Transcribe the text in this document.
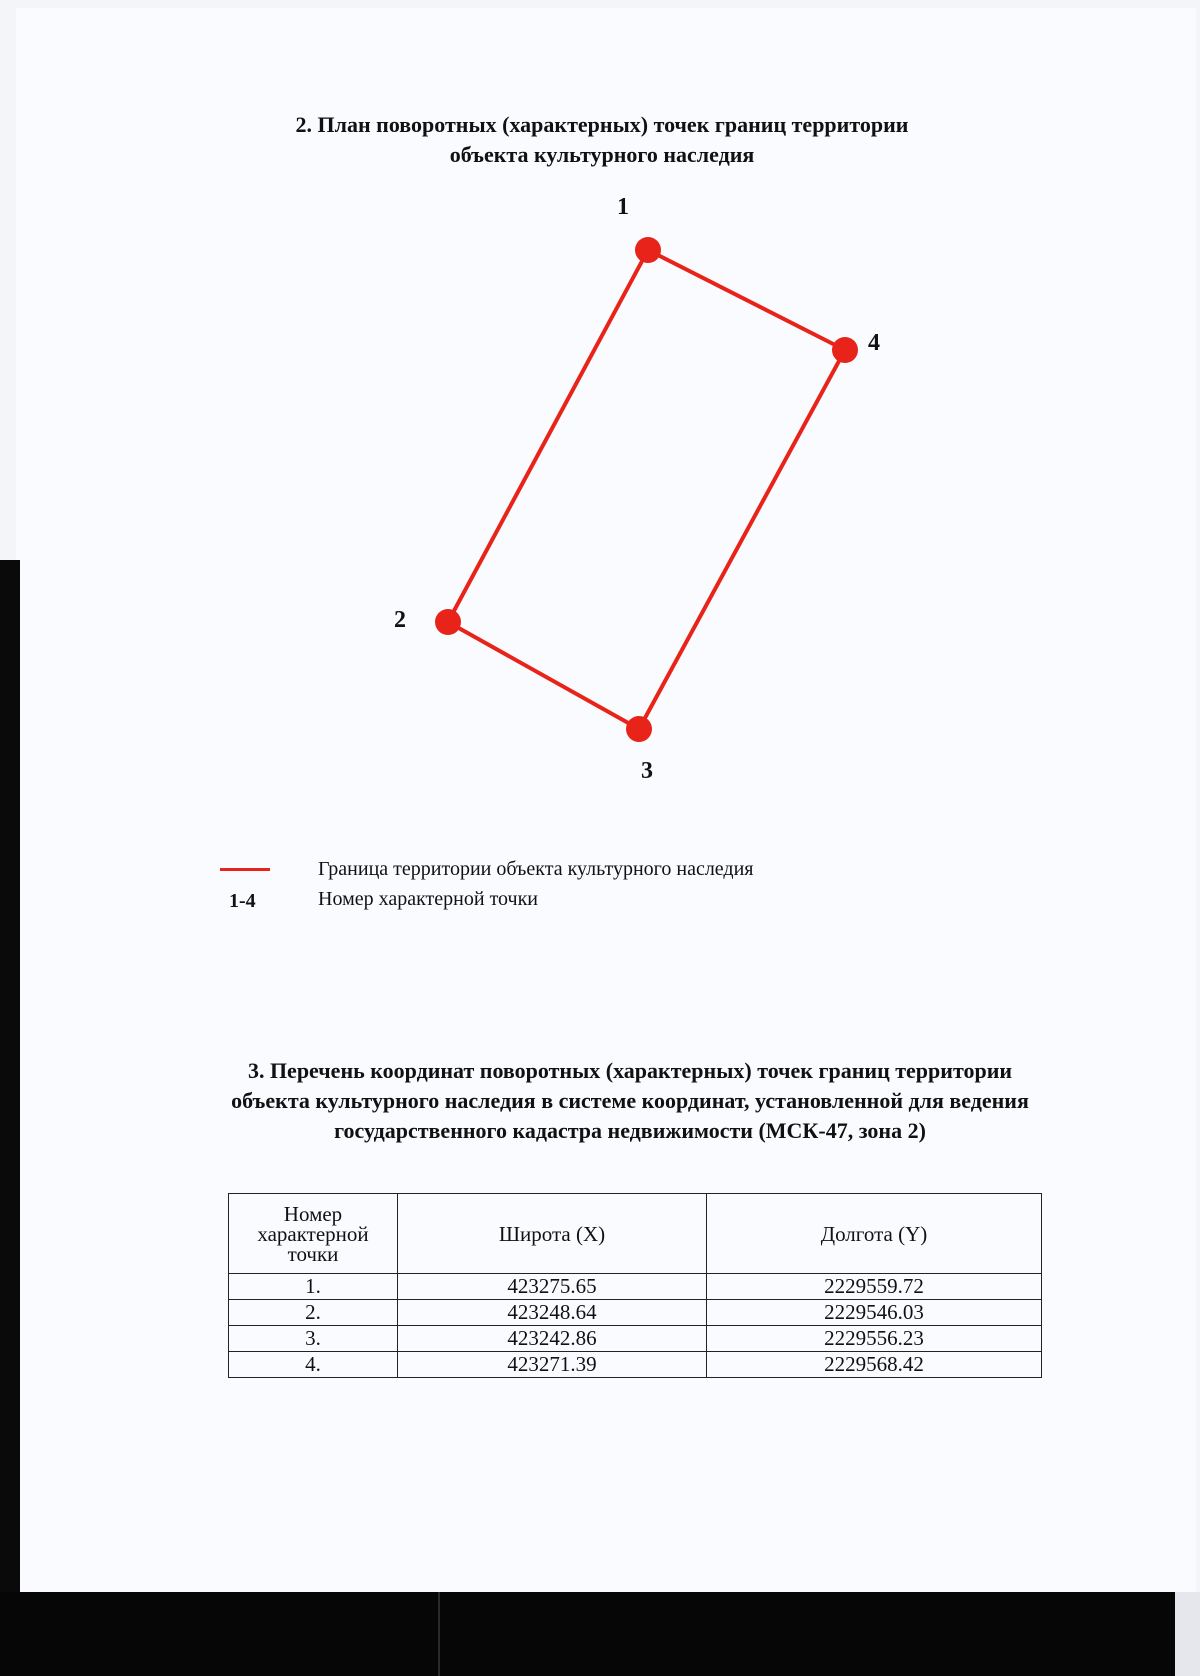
2. План поворотных (характерных) точек границ территории
объекта культурного наследия
1
2
3
4
Граница территории объекта культурного наследия
1-4	Номер характерной точки
3. Перечень координат поворотных (характерных) точек границ территории
объекта культурного наследия в системе координат, установленной для ведения
государственного кадастра недвижимости (МСК-47, зона 2)
Номер
характерной
точки	Широта (X)	Долгота (Y)
1.	423275.65	2229559.72
2.	423248.64	2229546.03
3.	423242.86	2229556.23
4.	423271.39	2229568.42
